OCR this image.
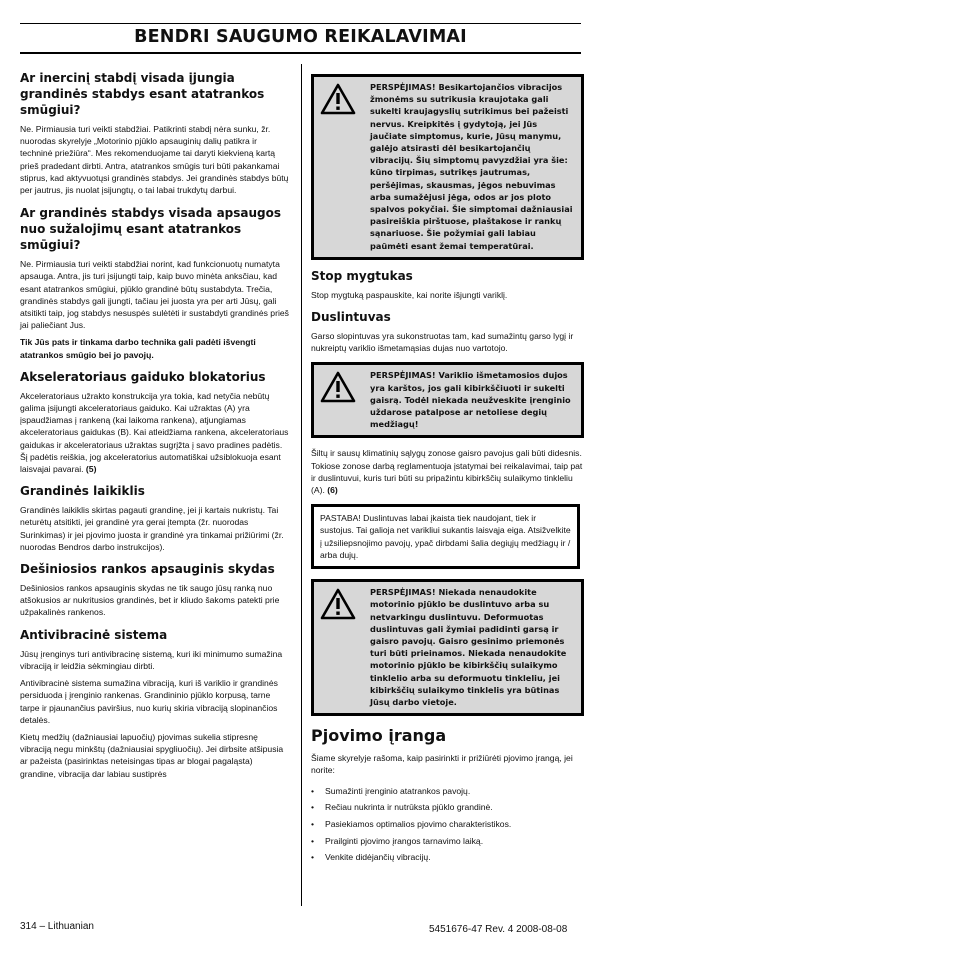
BENDRI SAUGUMO REIKALAVIMAI
Ar inercinį stabdį visada įjungia grandinės stabdys esant atatrankos smūgiui?

Ne. Pirmiausia turi veikti stabdžiai. Patikrinti stabdį nėra sunku, žr. nuorodas skyrelyje „Motorinio pjūklo apsauginių dalių patikra ir techninė priežiūra“. Mes rekomenduojame tai daryti kiekvieną kartą prieš pradedant dirbti. Antra, atatrankos smūgis turi būti pakankamai stiprus, kad aktyvuotųsi grandinės stabdys. Jei grandinės stabdys būtų per jautrus, jis nuolat įsijungtų, o tai labai trukdytų darbui.

Ar grandinės stabdys visada apsaugos nuo sužalojimų esant atatrankos smūgiui?

Ne. Pirmiausia turi veikti stabdžiai norint, kad funkcionuotų numatyta apsauga. Antra, jis turi įsijungti taip, kaip buvo minėta anksčiau, kad esant atatrankos smūgiui, pjūklo grandinė būtų sustabdyta. Trečia, grandinės stabdys gali įjungti, tačiau jei juosta yra per arti Jūsų, gali atsitikti taip, jog stabdys nesuspės sulėtėti ir sustabdyti grandinės prieš jai paliečiant Jus.

Tik Jūs pats ir tinkama darbo technika gali padėti išvengti atatrankos smūgio bei jo pavojų.

Akseleratoriaus gaiduko blokatorius

Akceleratoriaus užrakto konstrukcija yra tokia, kad netyčia nebūtų galima įsijungti akceleratoriaus gaiduko. Kai užraktas (A) yra įspaudžiamas į rankeną (kai laikoma rankena), atjungiamas akceleratoriaus gaidukas (B). Kai atleidžiama rankena, akceleratoriaus gaidukas ir akceleratoriaus užraktas sugrįžta į savo pradines padėtis. Šį padėtis reiškia, jog akceleratorius automatiškai užsiblokuoja esant laisvajai pavarai. (5)

Grandinės laikiklis

Grandinės laikiklis skirtas pagauti grandinę, jei ji kartais nukristų. Tai neturėtų atsitikti, jei grandinė yra gerai įtempta (žr. nuorodas Surinkimas) ir jei pjovimo juosta ir grandinė yra tinkamai prižiūrimi (žr. nuorodas Bendros darbo instrukcijos).

Dešiniosios rankos apsauginis skydas

Dešiniosios rankos apsauginis skydas ne tik saugo jūsų ranką nuo atšokusios ar nukritusios grandinės, bet ir kliudo šakoms patekti prie užpakalinės rankenos.

Antivibracinė sistema

Jūsų įrenginys turi antivibracinę sistemą, kuri iki minimumo sumažina vibraciją ir leidžia sėkmingiau dirbti.

Antivibracinė sistema sumažina vibraciją, kuri iš variklio ir grandinės persiduoda į įrenginio rankenas. Grandininio pjūklo korpusą, tarne tarpe ir pjaunančius paviršius, nuo kurių skiria vibraciją slopinančios detalės.

Kietų medžių (dažniausiai lapuočių) pjovimas sukelia stipresnę vibraciją negu minkštų (dažniausiai spygliuočių). Jei dirbsite atšipusia ar pažeista (pasirinktas neteisingas tipas ar blogai pagaląsta) grandine, vibracija dar labiau sustiprės

PERSPĖJIMAS! Besikartojančios vibracijos žmonėms su sutrikusia kraujotaka gali sukelti kraujagyslių sutrikimus bei pažeisti nervus. Kreipkitės į gydytoją, jei Jūs jaučiate simptomus, kurie, Jūsų manymu, galėjo atsirasti dėl besikartojančių vibracijų. Šių simptomų pavyzdžiai yra šie: kūno tirpimas, sutrikęs jautrumas, peršėjimas, skausmas, jėgos nebuvimas arba sumažėjusi jėga, odos ar jos ploto spalvos pokyčiai. Šie simptomai dažniausiai pasireiškia pirštuose, plaštakose ir rankų sąnariuose. Šie požymiai gali labiau paūmėti esant žemai temperatūrai.
Stop mygtukas

Stop mygtuką paspauskite, kai norite išjungti variklį.

Duslintuvas

Garso slopintuvas yra sukonstruotas tam, kad sumažintų garso lygį ir nukreiptų variklio išmetamąsias dujas nuo vartotojo.

PERSPĖJIMAS! Variklio išmetamosios dujos yra karštos, jos gali kibirkščiuoti ir sukelti gaisrą. Todėl niekada neužveskite įrenginio uždarose patalpose ar netoliese degių medžiagų!

Šiltų ir sausų klimatinių sąlygų zonose gaisro pavojus gali būti didesnis. Tokiose zonose darbą reglamentuoja įstatymai bei reikalavimai, taip pat ir duslintuvui, kuris turi būti su pripažintu kibirkščių sulaikymo tinkleliu (A). (6)

PASTABA! Duslintuvas labai įkaista tiek naudojant, tiek ir sustojus. Tai galioja net varikliui sukantis laisvąja eiga. Atsižvelkite į užsiliepsnojimo pavojų, ypač dirbdami šalia degiųjų medžiagų ir / arba dujų.
PERSPĖJIMAS! Niekada nenaudokite motorinio pjūklo be duslintuvo arba su netvarkingu duslintuvu. Deformuotas duslintuvas gali žymiai padidinti garsą ir gaisro pavojų. Gaisro gesinimo priemonės turi būti prieinamos. Niekada nenaudokite motorinio pjūklo be kibirkščių sulaikymo tinklelio arba su deformuotu tinkleliu, jei kibirkščių sulaikymo tinklelis yra būtinas Jūsų darbo vietoje.
Pjovimo įranga

Šiame skyrelyje rašoma, kaip pasirinkti ir prižiūrėti pjovimo įrangą, jei norite:

• Sumažinti įrenginio atatrankos pavojų.
• Rečiau nukrinta ir nutrūksta pjūklo grandinė.
• Pasiekiamos optimalios pjovimo charakteristikos.
• Prailginti pjovimo įrangos tarnavimo laiką.
• Venkite didėjančių vibracijų.
314 – Lithuanian	5451676-47 Rev. 4 2008-08-08
